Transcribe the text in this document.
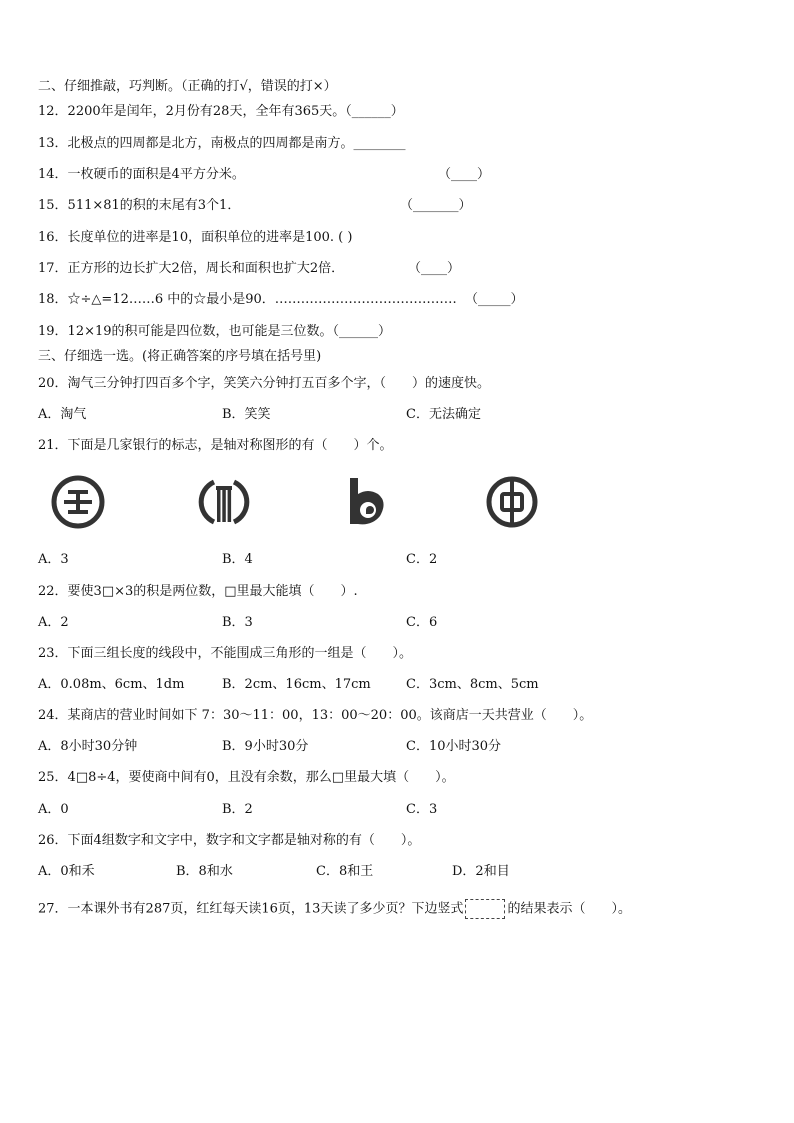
二、仔细推敲，巧判断。（正确的打√，错误的打×）
12．2200年是闰年，2月份有28天，全年有365天。（______）
13．北极点的四周都是北方，南极点的四周都是南方。________
14．一枚硬币的面积是4平方分米。	（____）
15．511×81的积的末尾有3个1．	（_______）
16．长度单位的进率是10，面积单位的进率是100. ( )
17．正方形的边长扩大2倍，周长和面积也扩大2倍．	（____）
18．☆÷△=12……6 中的☆最小是90．…………………………………… （_____）
19．12×19的积可能是四位数，也可能是三位数。（______）
三、仔细选一选。(将正确答案的序号填在括号里)
20．淘气三分钟打四百多个字，笑笑六分钟打五百多个字，（　　）的速度快。
A．淘气	B．笑笑	C．无法确定
21．下面是几家银行的标志，是轴对称图形的有（　　）个。
A．3	B．4	C．2
22．要使3□×3的积是两位数，□里最大能填（　　）.
A．2	B．3	C．6
23．下面三组长度的线段中，不能围成三角形的一组是（　　）。
A．0.08m、6cm、1dm	B．2cm、16cm、17cm	C．3cm、8cm、5cm
24．某商店的营业时间如下 7：30～11：00，13：00～20：00。该商店一天共营业（　　）。
A．8小时30分钟	B．9小时30分	C．10小时30分
25．4□8÷4，要使商中间有0，且没有余数，那么□里最大填（　　）。
A．0	B．2	C．3
26．下面4组数字和文字中，数字和文字都是轴对称的有（　　）。
A．0和禾	B．8和水	C．8和王	D．2和目
27．一本课外书有287页，红红每天读16页，13天读了多少页？下边竖式	的结果表示（　　）。
